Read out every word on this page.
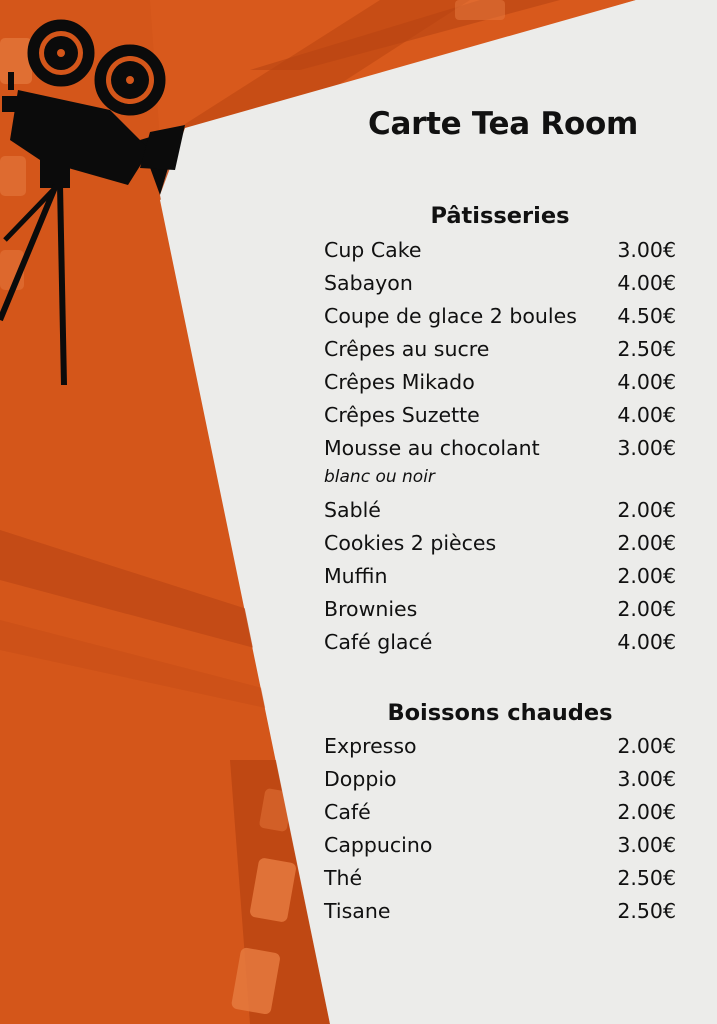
Carte Tea Room
Pâtisseries
Cup Cake	3.00€
Sabayon	4.00€
Coupe de glace 2 boules 4.50€
Crêpes au sucre	2.50€
Crêpes Mikado	4.00€
Crêpes Suzette	4.00€
Mousse au chocolant	3.00€
blanc ou noir
Sablé	2.00€
Cookies 2 pièces	2.00€
Muffin	2.00€
Brownies	2.00€
Café glacé	4.00€
Boissons chaudes
Expresso	2.00€
Doppio	3.00€
Café	2.00€
Cappucino	3.00€
Thé	2.50€
Tisane	2.50€
